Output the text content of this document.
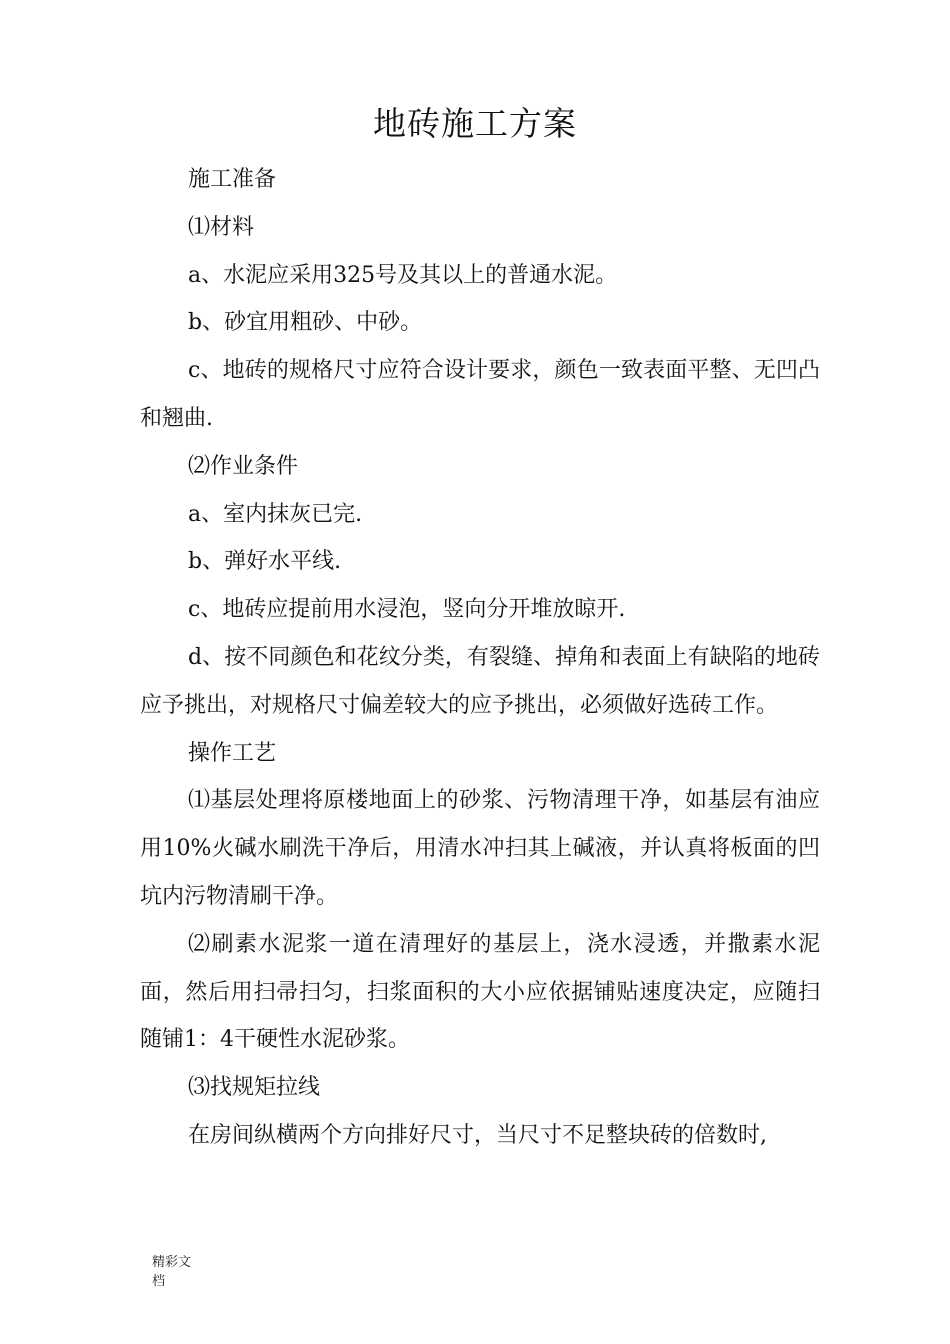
地砖施工方案

施工准备

⑴材料

a、水泥应采用325号及其以上的普通水泥。

b、砂宜用粗砂、中砂。

c、地砖的规格尺寸应符合设计要求，颜色一致表面平整、无凹凸和翘曲.

⑵作业条件

a、室内抹灰已完.

b、弹好水平线.

c、地砖应提前用水浸泡，竖向分开堆放晾开.

d、按不同颜色和花纹分类，有裂缝、掉角和表面上有缺陷的地砖应予挑出，对规格尺寸偏差较大的应予挑出，必须做好选砖工作。

操作工艺

⑴基层处理将原楼地面上的砂浆、污物清理干净，如基层有油应用10%火碱水刷洗干净后，用清水冲扫其上碱液，并认真将板面的凹坑内污物清刷干净。

⑵刷素水泥浆一道在清理好的基层上，浇水浸透，并撒素水泥面，然后用扫帚扫匀，扫浆面积的大小应依据铺贴速度决定，应随扫随铺1：4干硬性水泥砂浆。

⑶找规矩拉线

在房间纵横两个方向排好尺寸，当尺寸不足整块砖的倍数时,

精彩文
档
